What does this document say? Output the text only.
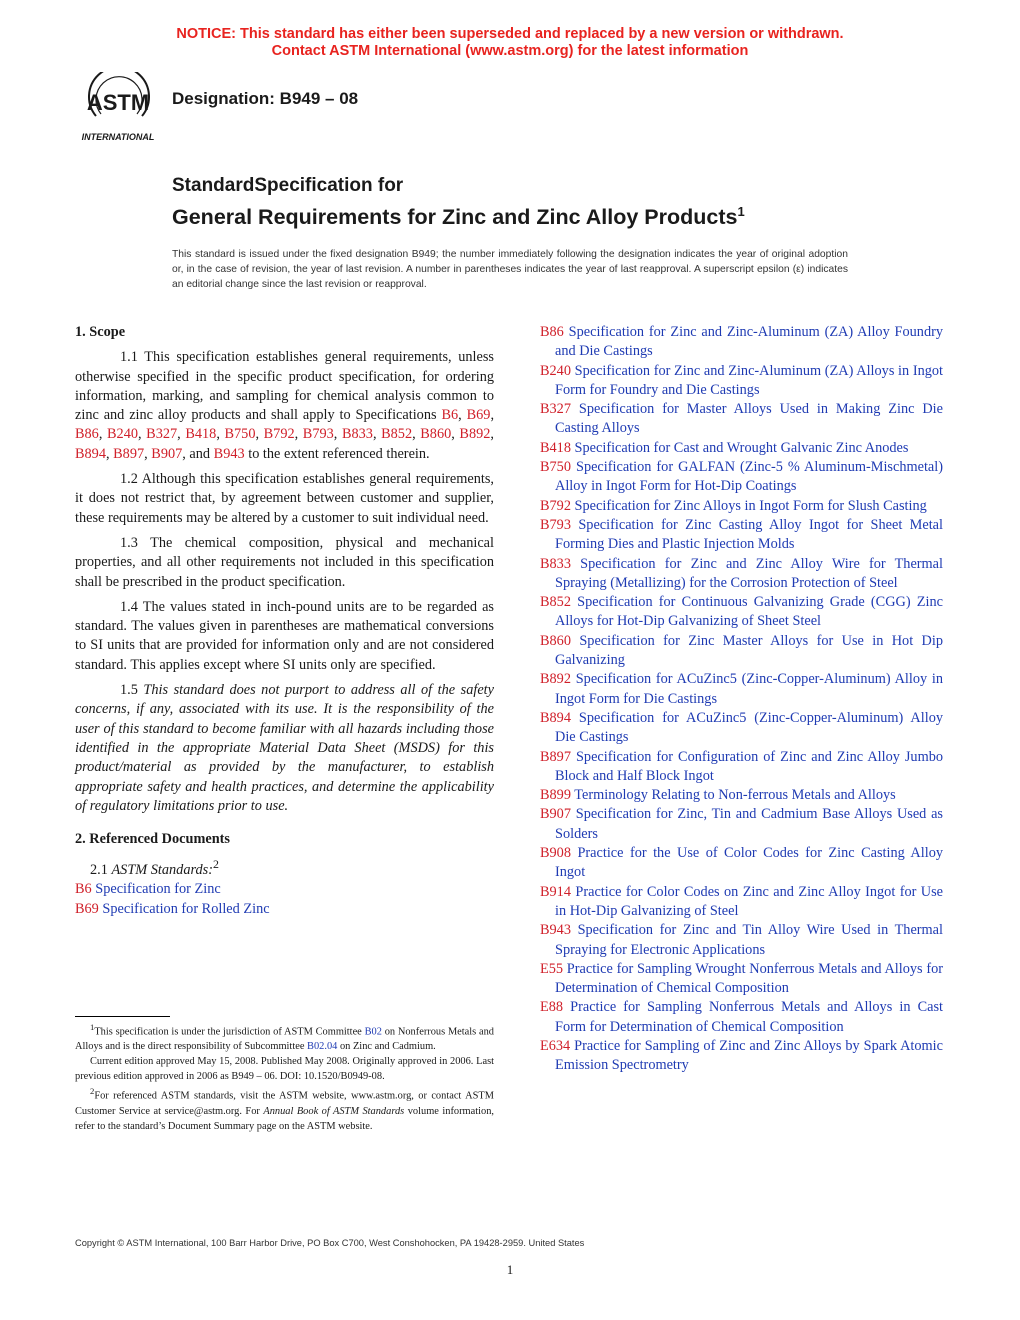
NOTICE: This standard has either been superseded and replaced by a new version or withdrawn.
Contact ASTM International (www.astm.org) for the latest information
ASTM
INTERNATIONAL
Designation: B949 – 08
StandardSpecification for
General Requirements for Zinc and Zinc Alloy Products$^1$
This standard is issued under the fixed designation B949; the number immediately following the designation indicates the year of original adoption or, in the case of revision, the year of last revision. A number in parentheses indicates the year of last reapproval. A superscript epsilon (ε) indicates an editorial change since the last revision or reapproval.
1. Scope

1.1 This specification establishes general requirements, unless otherwise specified in the specific product specification, for ordering information, marking, and sampling for chemical analysis common to zinc and zinc alloy products and shall apply to Specifications B6, B69, B86, B240, B327, B418, B750, B792, B793, B833, B852, B860, B892, B894, B897, B907, and B943 to the extent referenced therein.

1.2 Although this specification establishes general requirements, it does not restrict that, by agreement between customer and supplier, these requirements may be altered by a customer to suit individual need.

1.3 The chemical composition, physical and mechanical properties, and all other requirements not included in this specification shall be prescribed in the product specification.

1.4 The values stated in inch-pound units are to be regarded as standard. The values given in parentheses are mathematical conversions to SI units that are provided for information only and are not considered standard. This applies except where SI units only are specified.

1.5 This standard does not purport to address all of the safety concerns, if any, associated with its use. It is the responsibility of the user of this standard to become familiar with all hazards including those identified in the appropriate Material Data Sheet (MSDS) for this product/material as provided by the manufacturer, to establish appropriate safety and health practices, and determine the applicability of regulatory limitations prior to use.

2. Referenced Documents

2.1 ASTM Standards:$^2$

B6 Specification for Zinc

B69 Specification for Rolled Zinc

B86 Specification for Zinc and Zinc-Aluminum (ZA) Alloy Foundry and Die Castings

B240 Specification for Zinc and Zinc-Aluminum (ZA) Alloys in Ingot Form for Foundry and Die Castings

B327 Specification for Master Alloys Used in Making Zinc Die Casting Alloys

B418 Specification for Cast and Wrought Galvanic Zinc Anodes

B750 Specification for GALFAN (Zinc-5 % Aluminum-Mischmetal) Alloy in Ingot Form for Hot-Dip Coatings

B792 Specification for Zinc Alloys in Ingot Form for Slush Casting

B793 Specification for Zinc Casting Alloy Ingot for Sheet Metal Forming Dies and Plastic Injection Molds

B833 Specification for Zinc and Zinc Alloy Wire for Thermal Spraying (Metallizing) for the Corrosion Protection of Steel

B852 Specification for Continuous Galvanizing Grade (CGG) Zinc Alloys for Hot-Dip Galvanizing of Sheet Steel

B860 Specification for Zinc Master Alloys for Use in Hot Dip Galvanizing

B892 Specification for ACuZinc5 (Zinc-Copper-Aluminum) Alloy in Ingot Form for Die Castings

B894 Specification for ACuZinc5 (Zinc-Copper-Aluminum) Alloy Die Castings

B897 Specification for Configuration of Zinc and Zinc Alloy Jumbo Block and Half Block Ingot

B899 Terminology Relating to Non-ferrous Metals and Alloys

B907 Specification for Zinc, Tin and Cadmium Base Alloys Used as Solders

B908 Practice for the Use of Color Codes for Zinc Casting Alloy Ingot

B914 Practice for Color Codes on Zinc and Zinc Alloy Ingot for Use in Hot-Dip Galvanizing of Steel

B943 Specification for Zinc and Tin Alloy Wire Used in Thermal Spraying for Electronic Applications

E55 Practice for Sampling Wrought Nonferrous Metals and Alloys for Determination of Chemical Composition

E88 Practice for Sampling Nonferrous Metals and Alloys in Cast Form for Determination of Chemical Composition

E634 Practice for Sampling of Zinc and Zinc Alloys by Spark Atomic Emission Spectrometry

$^1$This specification is under the jurisdiction of ASTM Committee B02 on Nonferrous Metals and Alloys and is the direct responsibility of Subcommittee B02.04 on Zinc and Cadmium.

Current edition approved May 15, 2008. Published May 2008. Originally approved in 2006. Last previous edition approved in 2006 as B949 – 06. DOI: 10.1520/B0949-08.

$^2$For referenced ASTM standards, visit the ASTM website, www.astm.org, or contact ASTM Customer Service at service@astm.org. For Annual Book of ASTM Standards volume information, refer to the standard’s Document Summary page on the ASTM website.

Copyright © ASTM International, 100 Barr Harbor Drive, PO Box C700, West Conshohocken, PA 19428-2959. United States
1
